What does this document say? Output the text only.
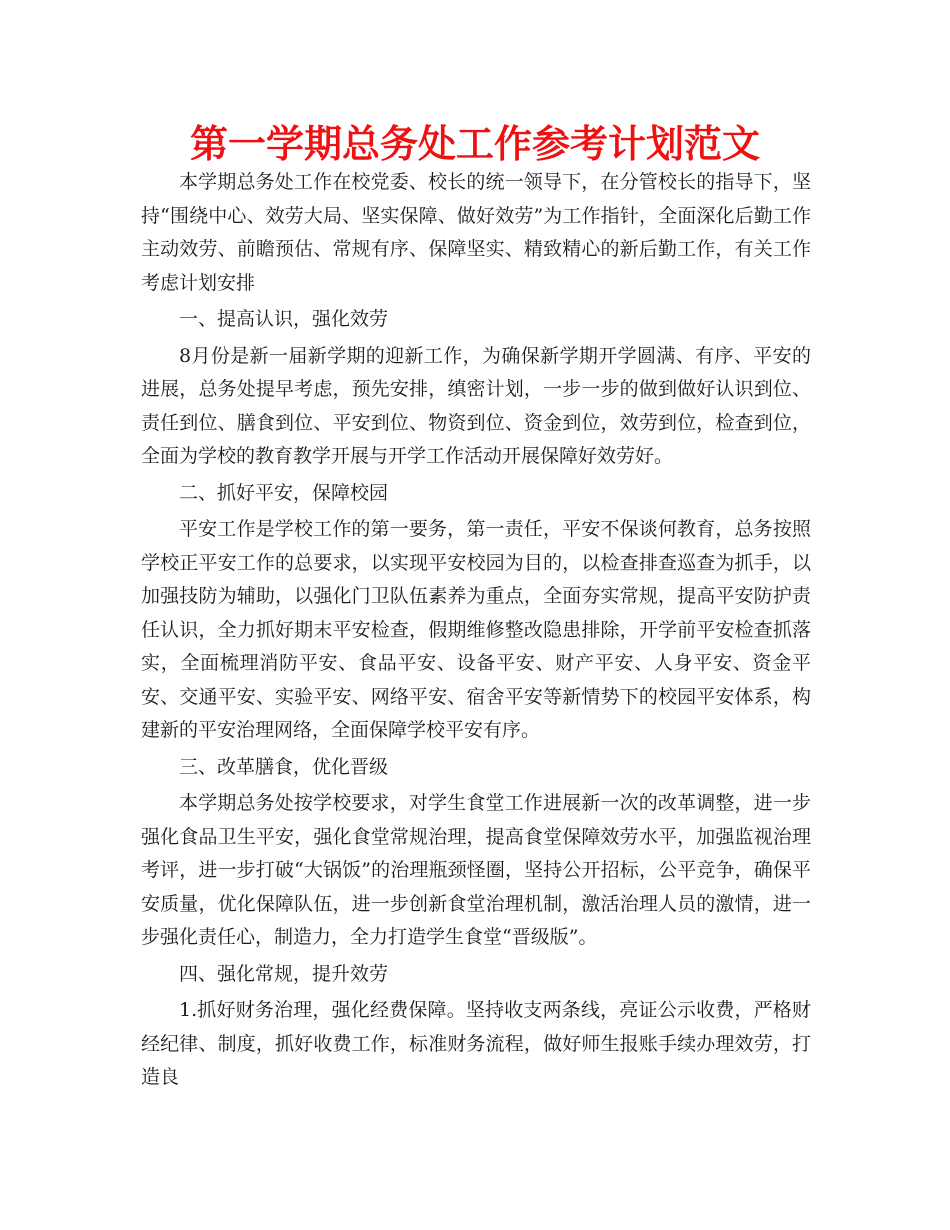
第一学期总务处工作参考计划范文

本学期总务处工作在校党委、校长的统一领导下，在分管校长的指导下，坚持“围绕中心、效劳大局、坚实保障、做好效劳”为工作指针，全面深化后勤工作主动效劳、前瞻预估、常规有序、保障坚实、精致精心的新后勤工作，有关工作考虑计划安排

一、提高认识，强化效劳

8月份是新一届新学期的迎新工作，为确保新学期开学圆满、有序、平安的进展，总务处提早考虑，预先安排，缜密计划，一步一步的做到做好认识到位、责任到位、膳食到位、平安到位、物资到位、资金到位，效劳到位，检查到位，全面为学校的教育教学开展与开学工作活动开展保障好效劳好。

二、抓好平安，保障校园

平安工作是学校工作的第一要务，第一责任，平安不保谈何教育，总务按照学校正平安工作的总要求，以实现平安校园为目的，以检查排查巡查为抓手，以加强技防为辅助，以强化门卫队伍素养为重点，全面夯实常规，提高平安防护责任认识，全力抓好期末平安检查，假期维修整改隐患排除，开学前平安检查抓落实，全面梳理消防平安、食品平安、设备平安、财产平安、人身平安、资金平安、交通平安、实验平安、网络平安、宿舍平安等新情势下的校园平安体系，构建新的平安治理网络，全面保障学校平安有序。

三、改革膳食，优化晋级

本学期总务处按学校要求，对学生食堂工作进展新一次的改革调整，进一步强化食品卫生平安，强化食堂常规治理，提高食堂保障效劳水平，加强监视治理考评，进一步打破“大锅饭”的治理瓶颈怪圈，坚持公开招标，公平竞争，确保平安质量，优化保障队伍，进一步创新食堂治理机制，激活治理人员的激情，进一步强化责任心，制造力，全力打造学生食堂“晋级版”。

四、强化常规，提升效劳

1.抓好财务治理，强化经费保障。坚持收支两条线，亮证公示收费，严格财经纪律、制度，抓好收费工作，标准财务流程，做好师生报账手续办理效劳，打造良
